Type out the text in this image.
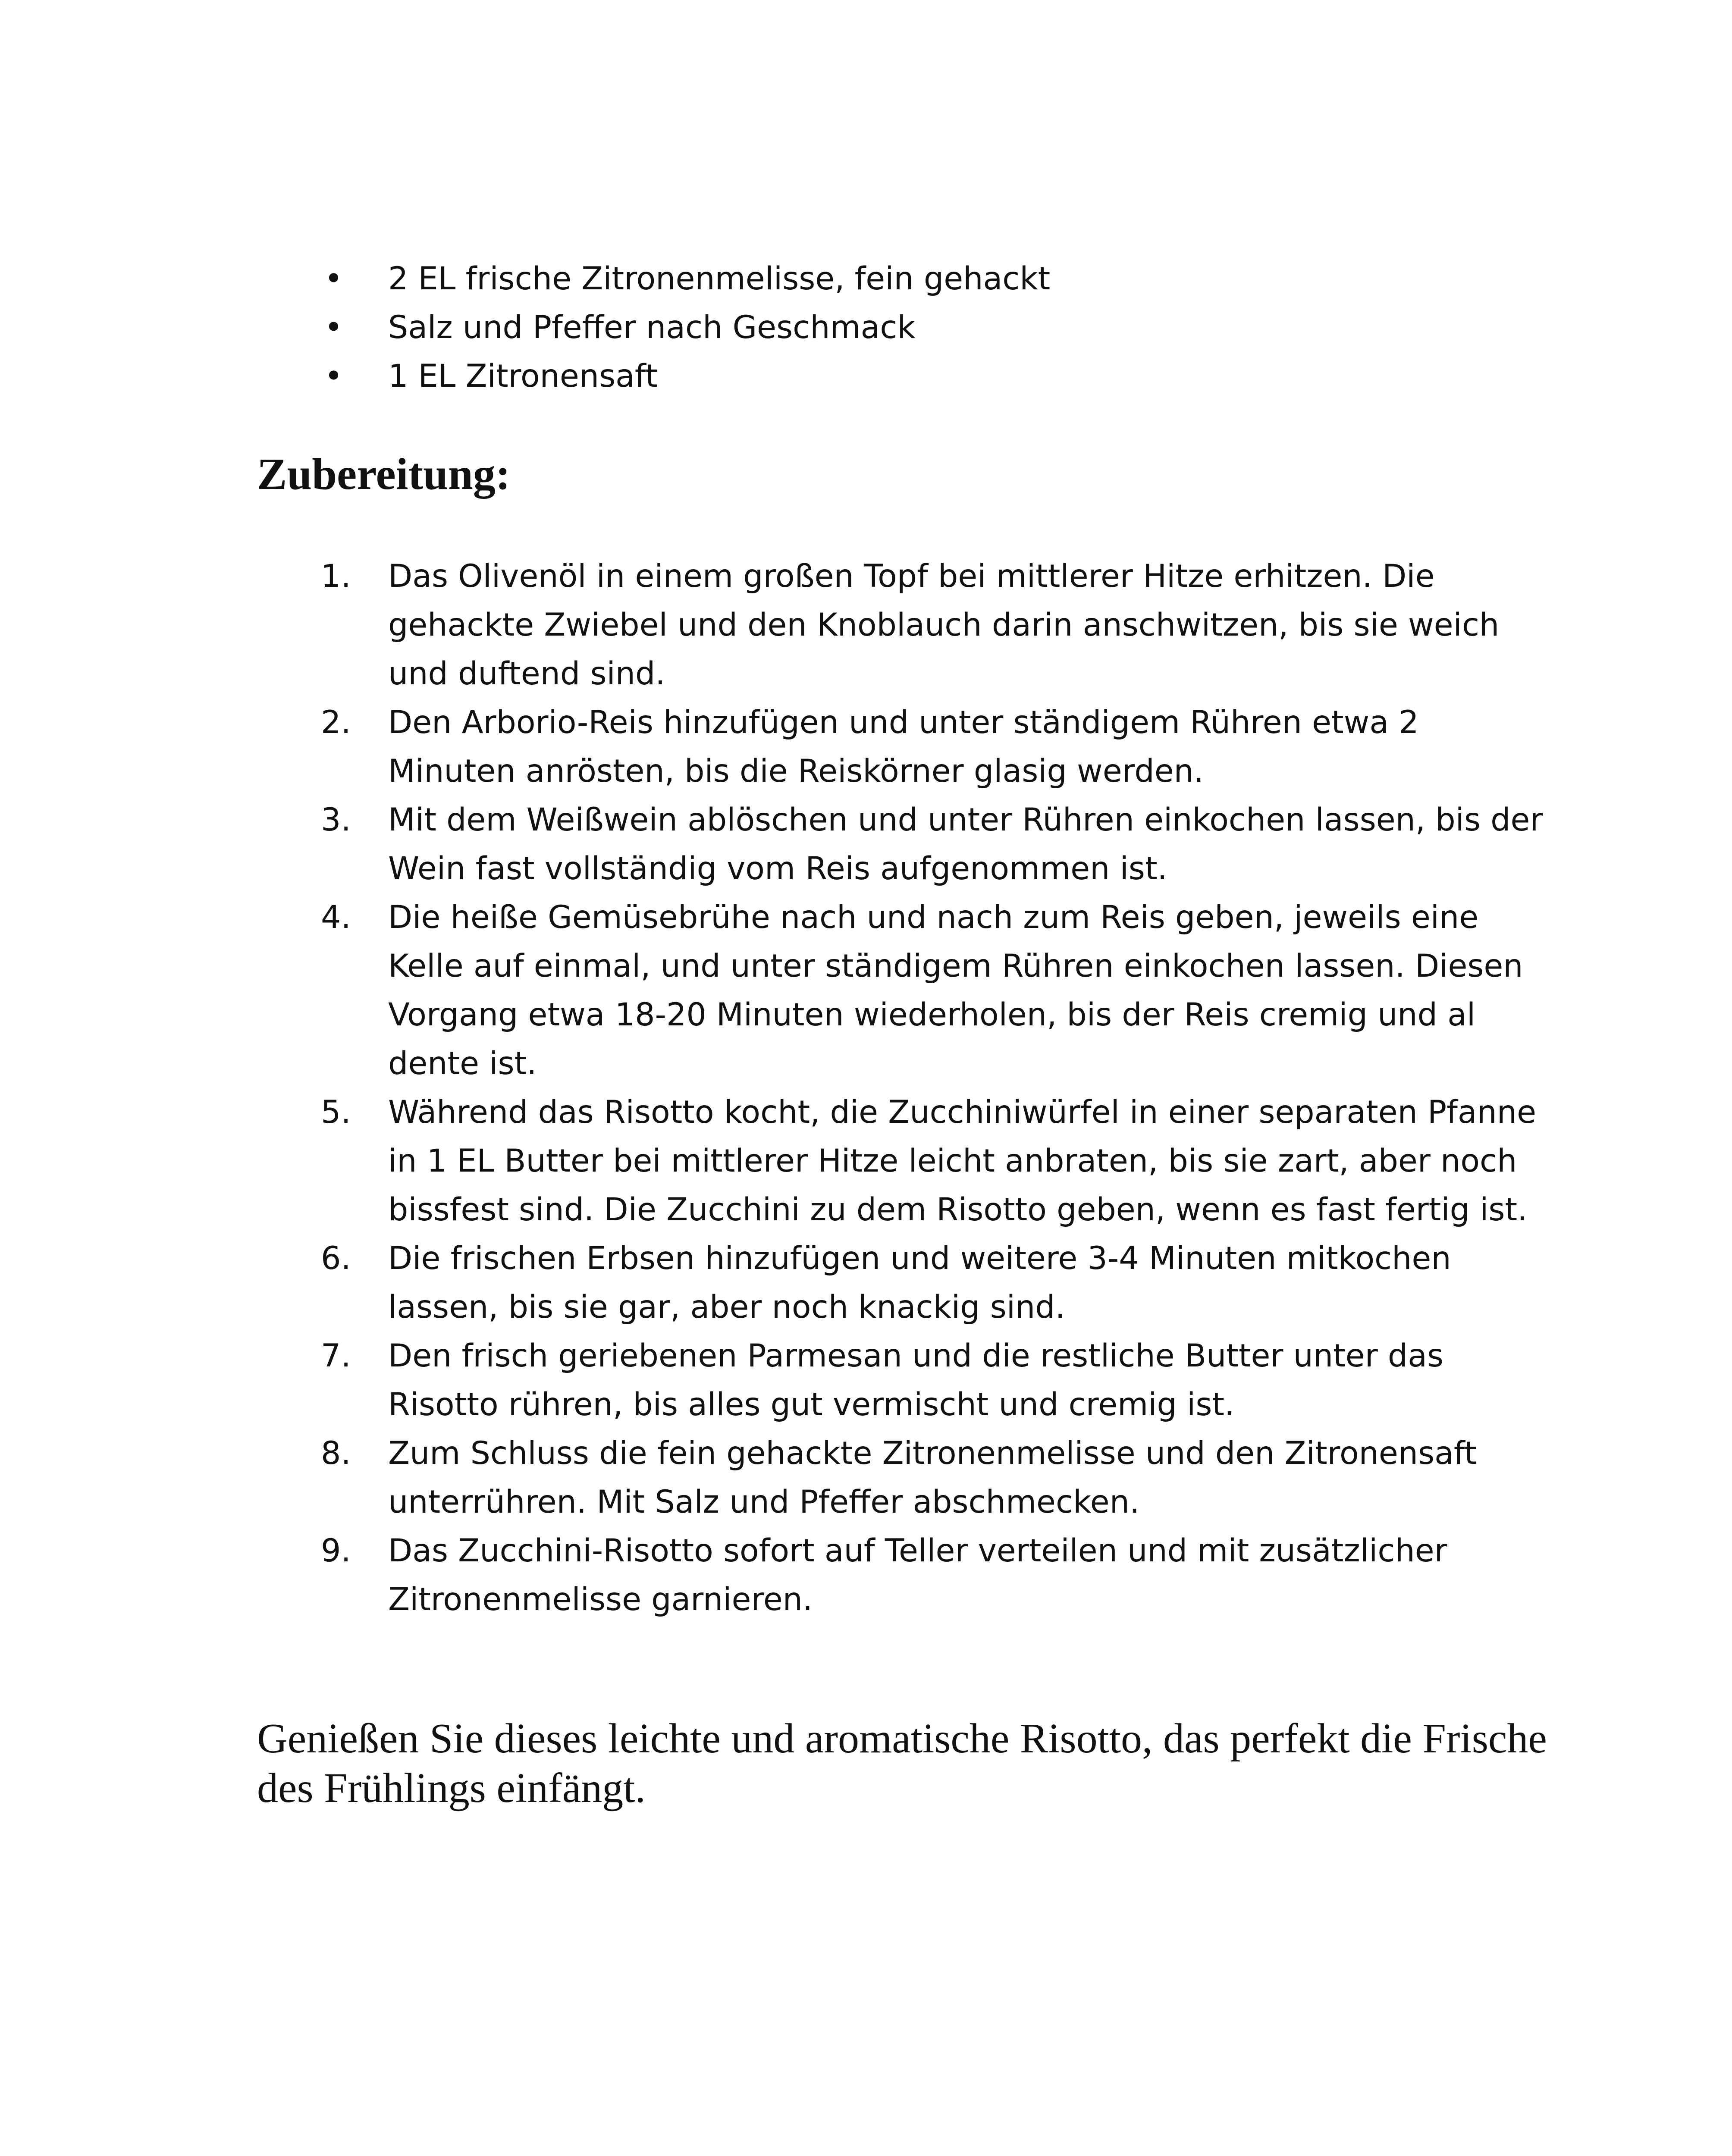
• 2 EL frische Zitronenmelisse, fein gehackt
• Salz und Pfeffer nach Geschmack
• 1 EL Zitronensaft
Zubereitung:
1. Das Olivenöl in einem großen Topf bei mittlerer Hitze erhitzen. Die gehackte Zwiebel und den Knoblauch darin anschwitzen, bis sie weich und duftend sind.
2. Den Arborio-Reis hinzufügen und unter ständigem Rühren etwa 2 Minuten anrösten, bis die Reiskörner glasig werden.
3. Mit dem Weißwein ablöschen und unter Rühren einkochen lassen, bis der Wein fast vollständig vom Reis aufgenommen ist.
4. Die heiße Gemüsebrühe nach und nach zum Reis geben, jeweils eine Kelle auf einmal, und unter ständigem Rühren einkochen lassen. Diesen Vorgang etwa 18-20 Minuten wiederholen, bis der Reis cremig und al dente ist.
5. Während das Risotto kocht, die Zucchiniwürfel in einer separaten Pfanne in 1 EL Butter bei mittlerer Hitze leicht anbraten, bis sie zart, aber noch bissfest sind. Die Zucchini zu dem Risotto geben, wenn es fast fertig ist.
6. Die frischen Erbsen hinzufügen und weitere 3-4 Minuten mitkochen lassen, bis sie gar, aber noch knackig sind.
7. Den frisch geriebenen Parmesan und die restliche Butter unter das Risotto rühren, bis alles gut vermischt und cremig ist.
8. Zum Schluss die fein gehackte Zitronenmelisse und den Zitronensaft unterrühren. Mit Salz und Pfeffer abschmecken.
9. Das Zucchini-Risotto sofort auf Teller verteilen und mit zusätzlicher Zitronenmelisse garnieren.

Genießen Sie dieses leichte und aromatische Risotto, das perfekt die Frische des Frühlings einfängt.
